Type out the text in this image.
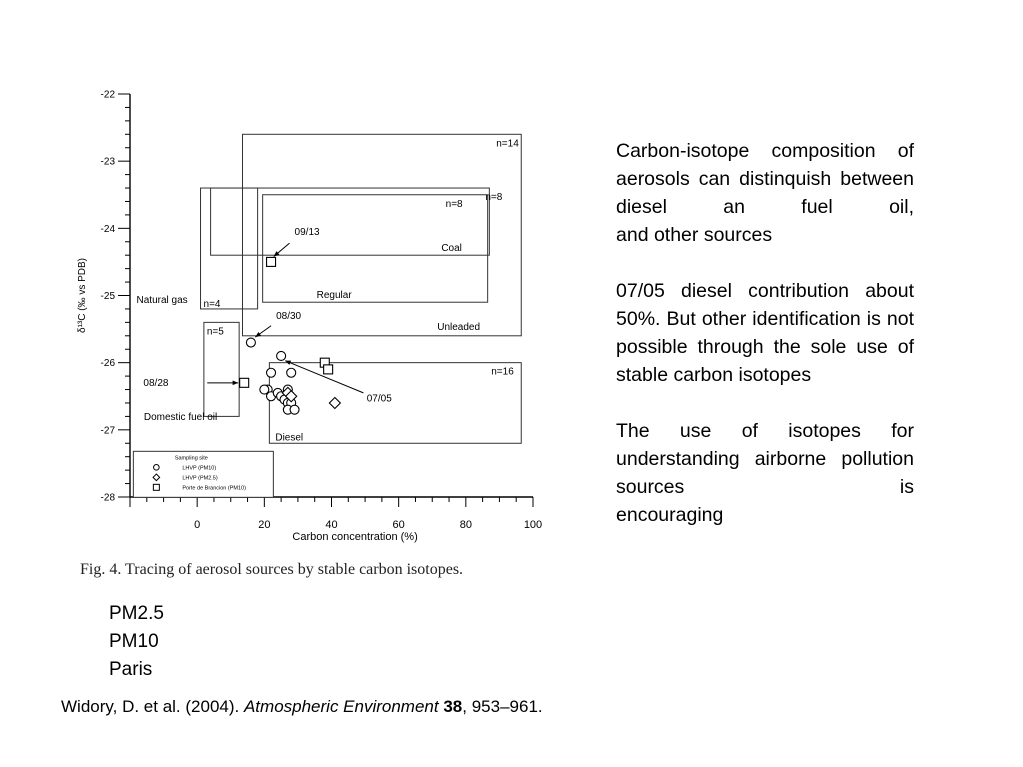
-22
-23
-24
-25
-26
-27
-28
0	20	40	60	80	100
Carbon concentration (%)
δ¹³C (‰ vs PDB)
n=14
Unleaded
n=8
Coal
n=8
Regular
n=4
Natural gas
n=5
Domestic fuel oil
n=16
Diesel
09/13
08/30
08/28
07/05
Sampling site
LHVP (PM10)
LHVP (PM2.5)
Porte de Brancion (PM10)
Fig. 4. Tracing of aerosol sources by stable carbon isotopes.

Carbon-isotope composition of aerosols can distinquish between diesel an fuel oil,
and other sources

07/05 diesel contribution about 50%. But other identification is not possible through the sole use of
stable carbon isotopes

The use of isotopes for understanding airborne pollution sources is
encouraging

PM2.5
PM10
Paris
Widory, D. et al. (2004). Atmospheric Environment 38, 953–961.
